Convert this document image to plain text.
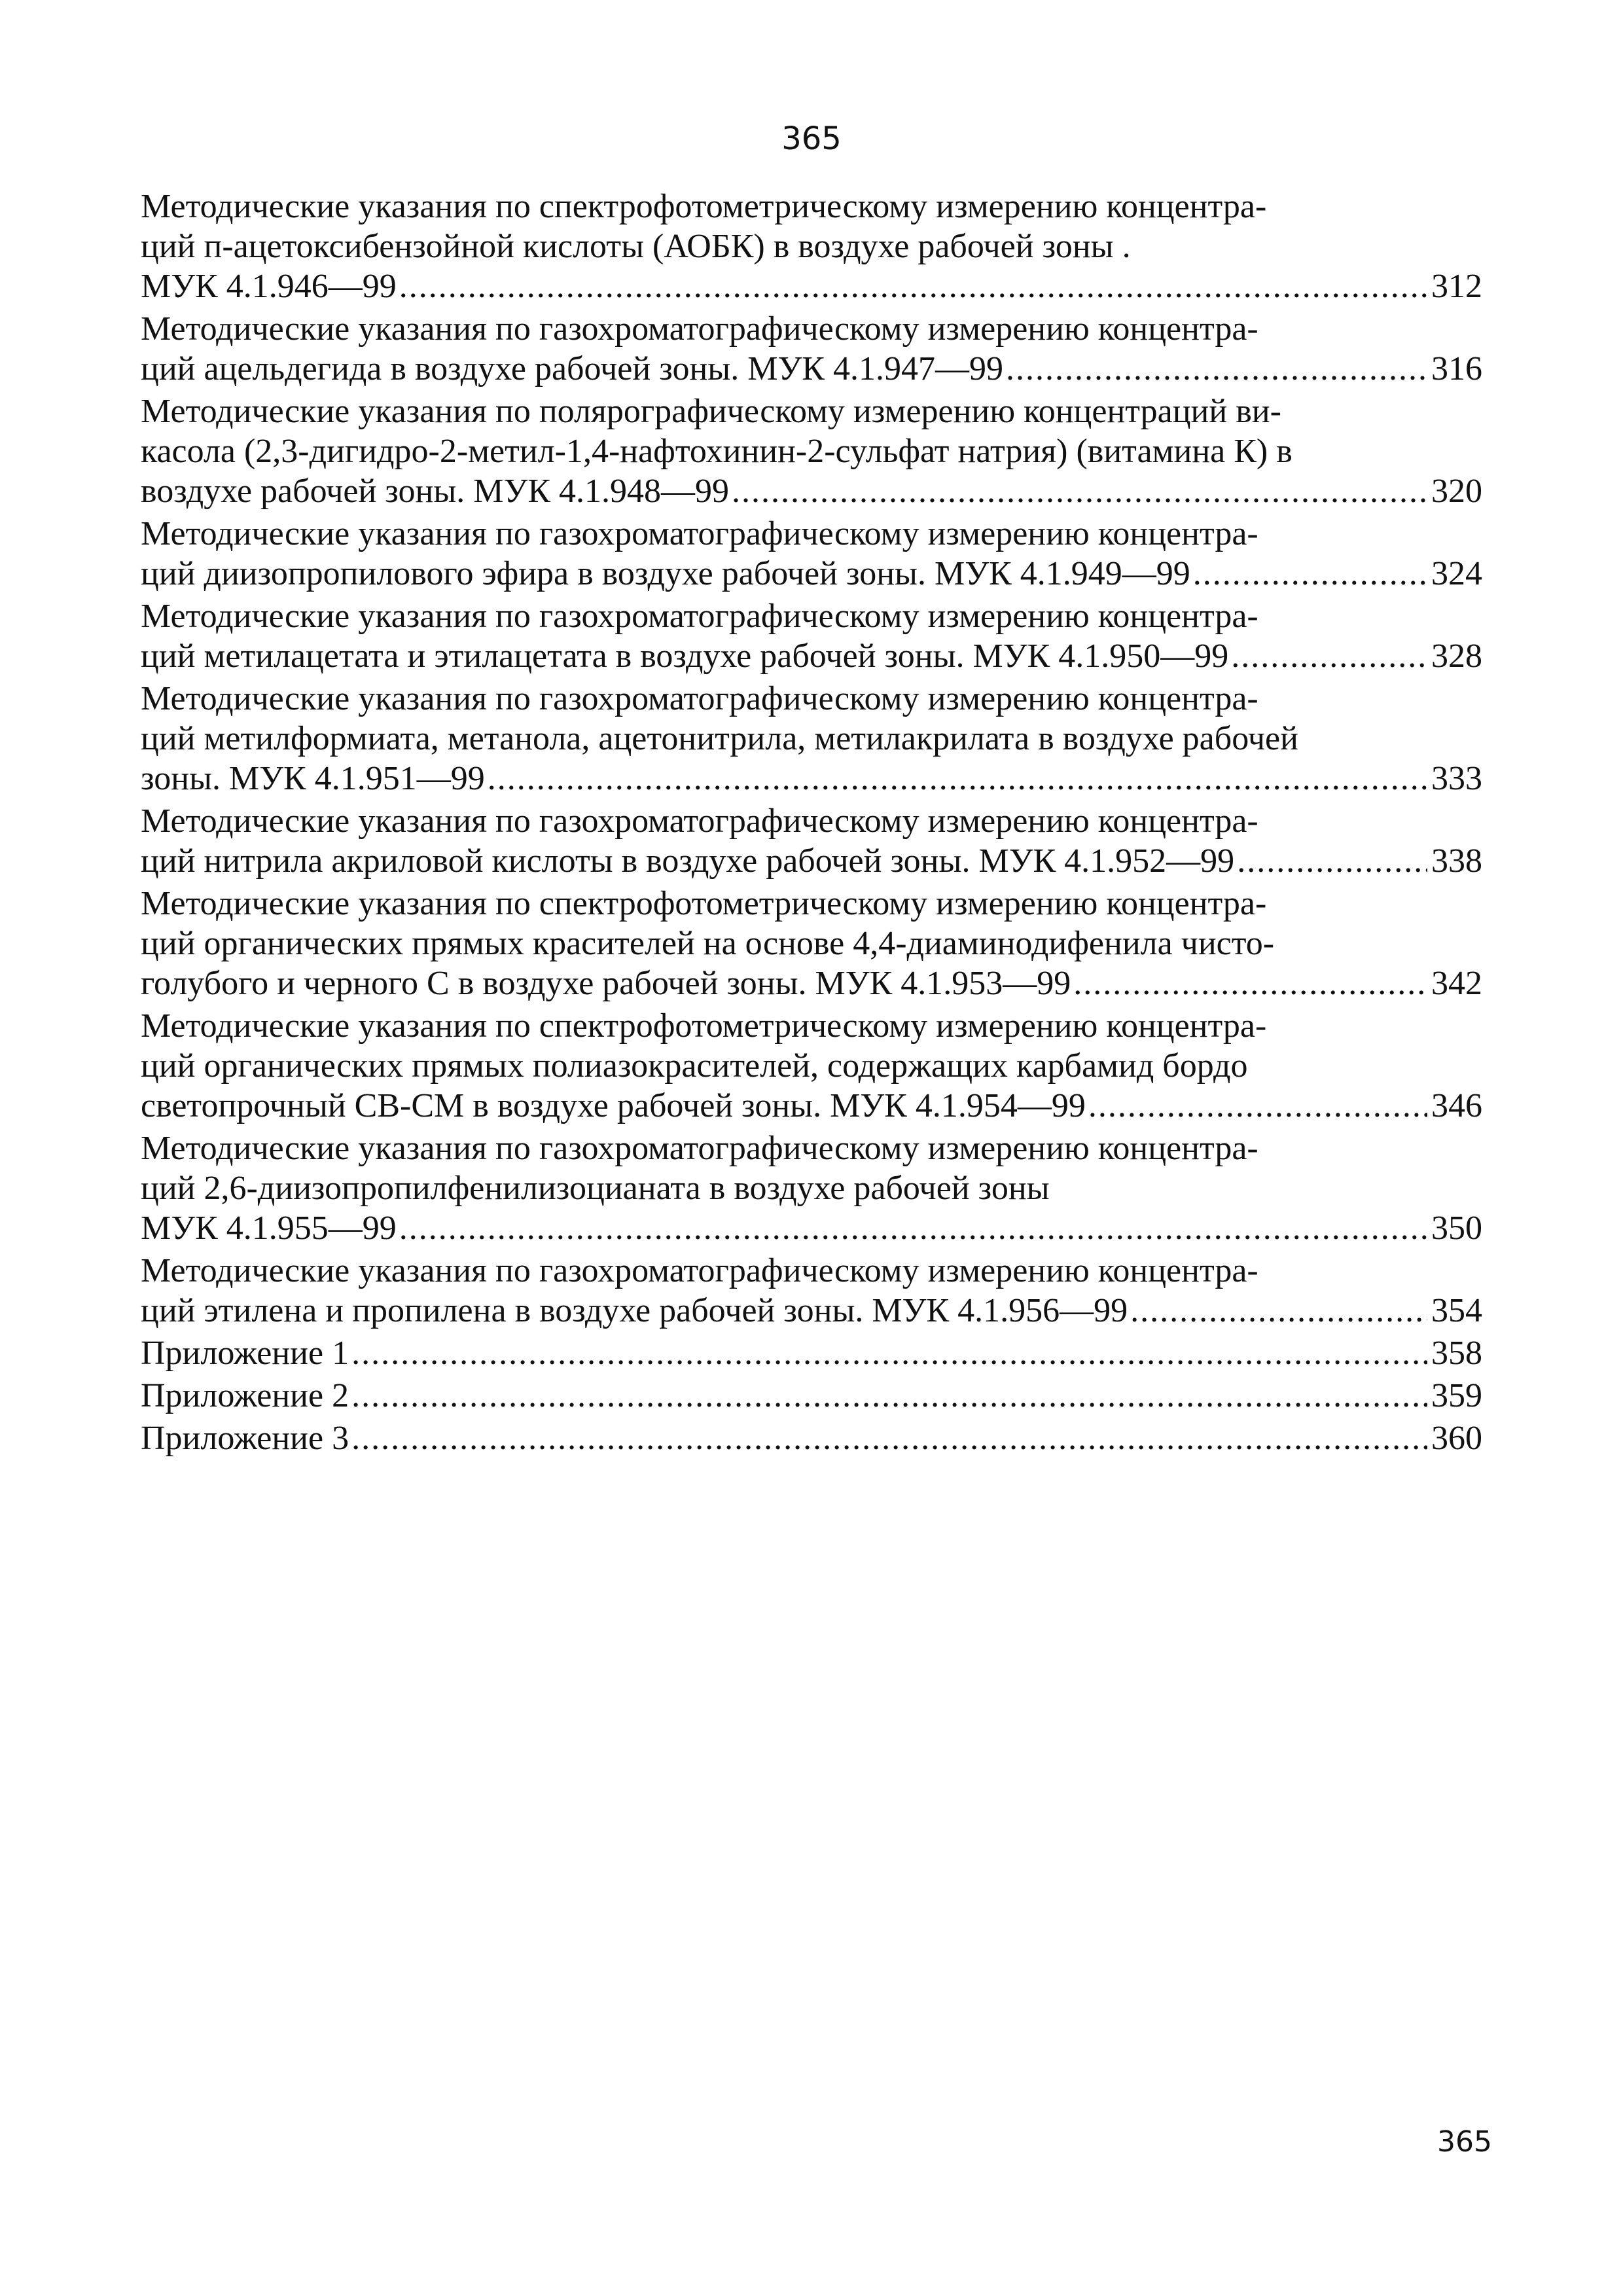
365
Методические указания по спектрофотометрическому измерению концентра-
ций п-ацетоксибензойной кислоты (АОБК) в воздухе рабочей зоны .
МУК 4.1.946—99 .....	312
Методические указания по газохроматографическому измерению концентра-
ций ацельдегида в воздухе рабочей зоны. МУК 4.1.947—99 .....	316
Методические указания по полярографическому измерению концентраций ви-
касола (2,3-дигидро-2-метил-1,4-нафтохинин-2-сульфат натрия) (витамина К) в
воздухе рабочей зоны. МУК 4.1.948—99 .....	320
Методические указания по газохроматографическому измерению концентра-
ций диизопропилового эфира в воздухе рабочей зоны. МУК 4.1.949—99 .....	324
Методические указания по газохроматографическому измерению концентра-
ций метилацетата и этилацетата в воздухе рабочей зоны. МУК 4.1.950—99 .....	328
Методические указания по газохроматографическому измерению концентра-
ций метилформиата, метанола, ацетонитрила, метилакрилата в воздухе рабочей
зоны. МУК 4.1.951—99 .....	333
Методические указания по газохроматографическому измерению концентра-
ций нитрила акриловой кислоты в воздухе рабочей зоны. МУК 4.1.952—99 .....	338
Методические указания по спектрофотометрическому измерению концентра-
ций органических прямых красителей на основе 4,4-диаминодифенила чисто-
голубого и черного С в воздухе рабочей зоны. МУК 4.1.953—99 .....	342
Методические указания по спектрофотометрическому измерению концентра-
ций органических прямых полиазокрасителей, содержащих карбамид бордо
светопрочный СВ-СМ в воздухе рабочей зоны. МУК 4.1.954—99 .....	346
Методические указания по газохроматографическому измерению концентра-
ций 2,6-диизопропилфенилизоцианата в воздухе рабочей зоны
МУК 4.1.955—99 .....	350
Методические указания по газохроматографическому измерению концентра-
ций этилена и пропилена в воздухе рабочей зоны. МУК 4.1.956—99 .....	354
Приложение 1 .....	358
Приложение 2 .....	359
Приложение 3 .....	360
365
